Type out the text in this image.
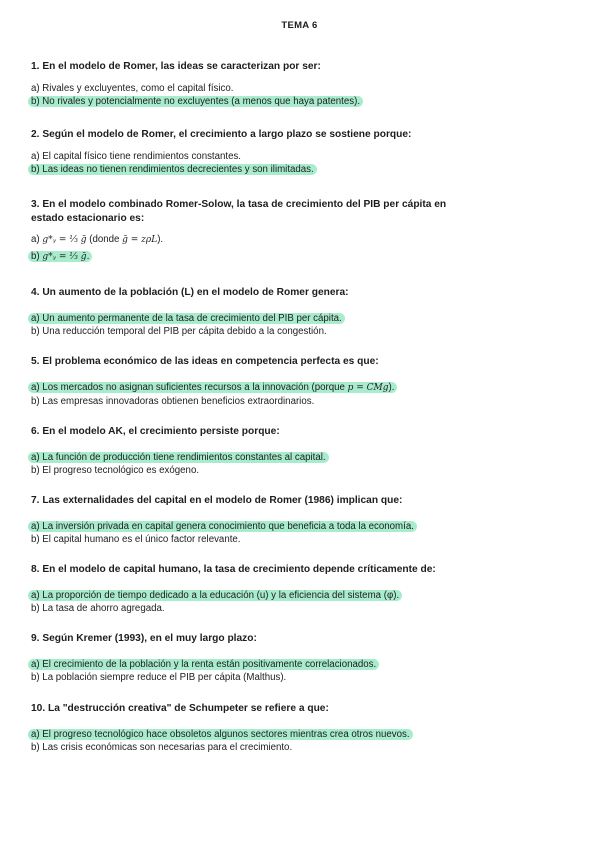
TEMA 6

1. En el modelo de Romer, las ideas se caracterizan por ser:

a) Rivales y excluyentes, como el capital físico.

b) No rivales y potencialmente no excluyentes (a menos que haya patentes).

2. Según el modelo de Romer, el crecimiento a largo plazo se sostiene porque:

a) El capital físico tiene rendimientos constantes.

b) Las ideas no tienen rendimientos decrecientes y son ilimitadas.

3. En el modelo combinado Romer-Solow, la tasa de crecimiento del PIB per cápita en

estado estacionario es:

a) g*ᵧ = ⅓ ḡ (donde ḡ = zρL).

b) g*ᵧ = ⅓ ḡ.

4. Un aumento de la población (L) en el modelo de Romer genera:

a) Un aumento permanente de la tasa de crecimiento del PIB per cápita.

b) Una reducción temporal del PIB per cápita debido a la congestión.

5. El problema económico de las ideas en competencia perfecta es que:

a) Los mercados no asignan suficientes recursos a la innovación (porque p = CMg).

b) Las empresas innovadoras obtienen beneficios extraordinarios.

6. En el modelo AK, el crecimiento persiste porque:

a) La función de producción tiene rendimientos constantes al capital.

b) El progreso tecnológico es exógeno.

7. Las externalidades del capital en el modelo de Romer (1986) implican que:

a) La inversión privada en capital genera conocimiento que beneficia a toda la economía.

b) El capital humano es el único factor relevante.

8. En el modelo de capital humano, la tasa de crecimiento depende críticamente de:

a) La proporción de tiempo dedicado a la educación (u) y la eficiencia del sistema (φ).

b) La tasa de ahorro agregada.

9. Según Kremer (1993), en el muy largo plazo:

a) El crecimiento de la población y la renta están positivamente correlacionados.

b) La población siempre reduce el PIB per cápita (Malthus).

10. La "destrucción creativa" de Schumpeter se refiere a que:

a) El progreso tecnológico hace obsoletos algunos sectores mientras crea otros nuevos.

b) Las crisis económicas son necesarias para el crecimiento.
